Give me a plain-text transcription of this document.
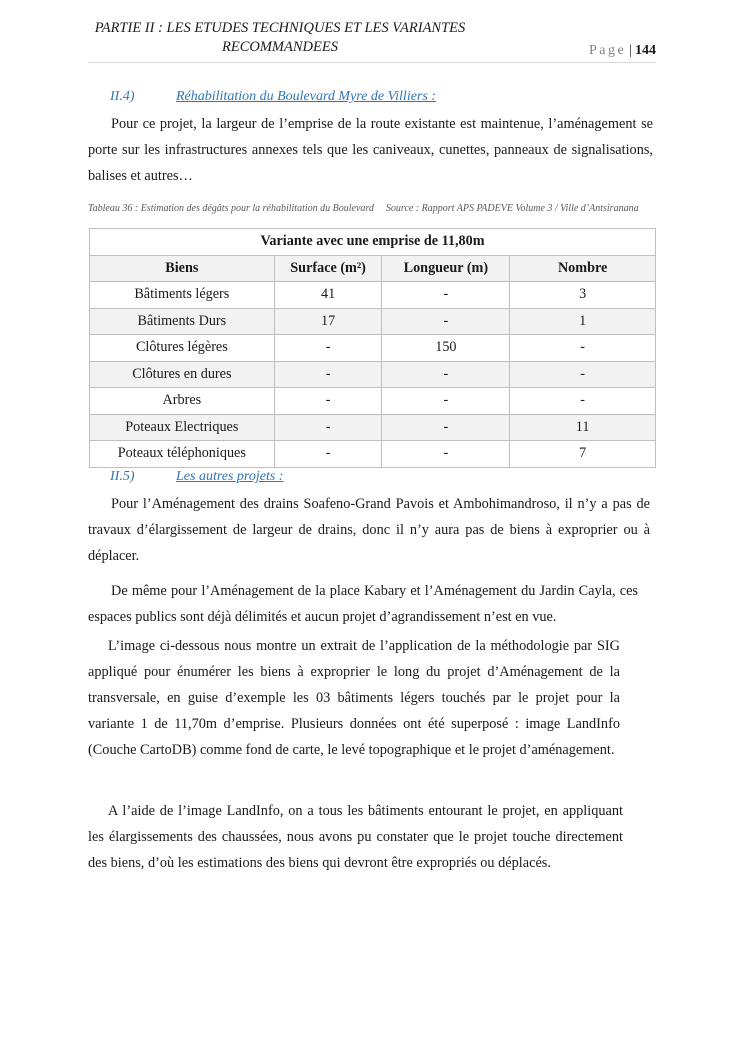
PARTIE II : LES ETUDES TECHNIQUES ET LES VARIANTES
RECOMMANDEES	Page | 144
II.4)	Réhabilitation du Boulevard Myre de Villiers :

Pour ce projet, la largeur de l’emprise de la route existante est maintenue, l’aménagement se porte sur les infrastructures annexes tels que les caniveaux, cunettes, panneaux de signalisations, balises et autres…

Tableau 36 : Estimation des dégâts pour la réhabilitation du Boulevard Source : Rapport APS PADEVE Volume 3 / Ville d’Antsiranana
Variante avec une emprise de 11,80m			
Biens	Surface (m²)	Longueur (m)	Nombre
Bâtiments légers	41	-	3
Bâtiments Durs	17	-	1
Clôtures légères	-	150	-
Clôtures en dures	-	-	-
Arbres	-	-	-
Poteaux Electriques	-	-	11
Poteaux téléphoniques	-	-	7
II.5)	Les autres projets :

Pour l’Aménagement des drains Soafeno-Grand Pavois et Ambohimandroso, il n’y a pas de travaux d’élargissement de largeur de drains, donc il n’y aura pas de biens à exproprier ou à déplacer.

De même pour l’Aménagement de la place Kabary et l’Aménagement du Jardin Cayla, ces espaces publics sont déjà délimités et aucun projet d’agrandissement n’est en vue.

L’image ci-dessous nous montre un extrait de l’application de la méthodologie par SIG appliqué pour énumérer les biens à exproprier le long du projet d’Aménagement de la transversale, en guise d’exemple les 03 bâtiments légers touchés par le projet pour la variante 1 de 11,70m d’emprise. Plusieurs données ont été superposé : image LandInfo (Couche CartoDB) comme fond de carte, le levé topographique et le projet d’aménagement.

A l’aide de l’image LandInfo, on a tous les bâtiments entourant le projet, en appliquant les élargissements des chaussées, nous avons pu constater que le projet touche directement des biens, d’où les estimations des biens qui devront être expropriés ou déplacés.
